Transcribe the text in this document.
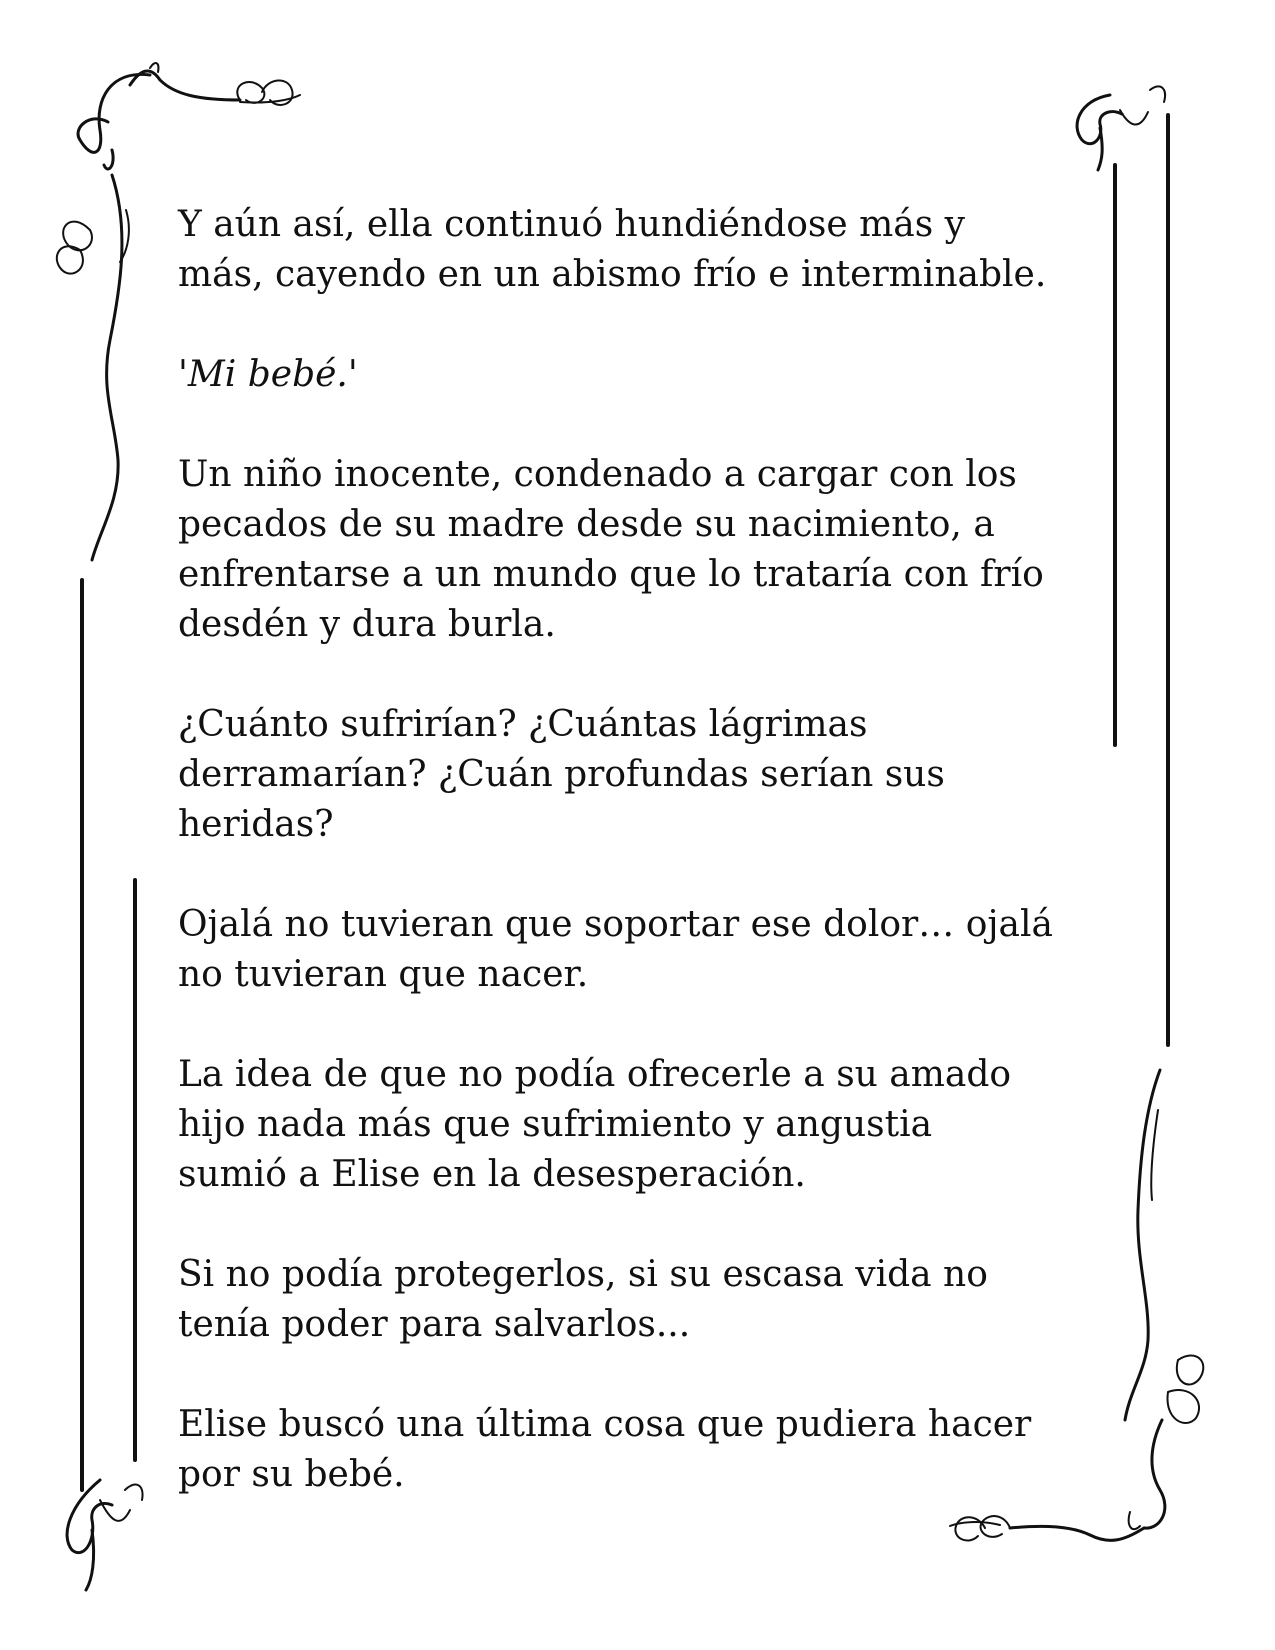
Y aún así, ella continuó hundiéndose más y
más, cayendo en un abismo frío e interminable.

'Mi bebé.'

Un niño inocente, condenado a cargar con los
pecados de su madre desde su nacimiento, a
enfrentarse a un mundo que lo trataría con frío
desdén y dura burla.

¿Cuánto sufrirían? ¿Cuántas lágrimas
derramarían? ¿Cuán profundas serían sus
heridas?

Ojalá no tuvieran que soportar ese dolor… ojalá
no tuvieran que nacer.

La idea de que no podía ofrecerle a su amado
hijo nada más que sufrimiento y angustia
sumió a Elise en la desesperación.

Si no podía protegerlos, si su escasa vida no
tenía poder para salvarlos...

Elise buscó una última cosa que pudiera hacer
por su bebé.
